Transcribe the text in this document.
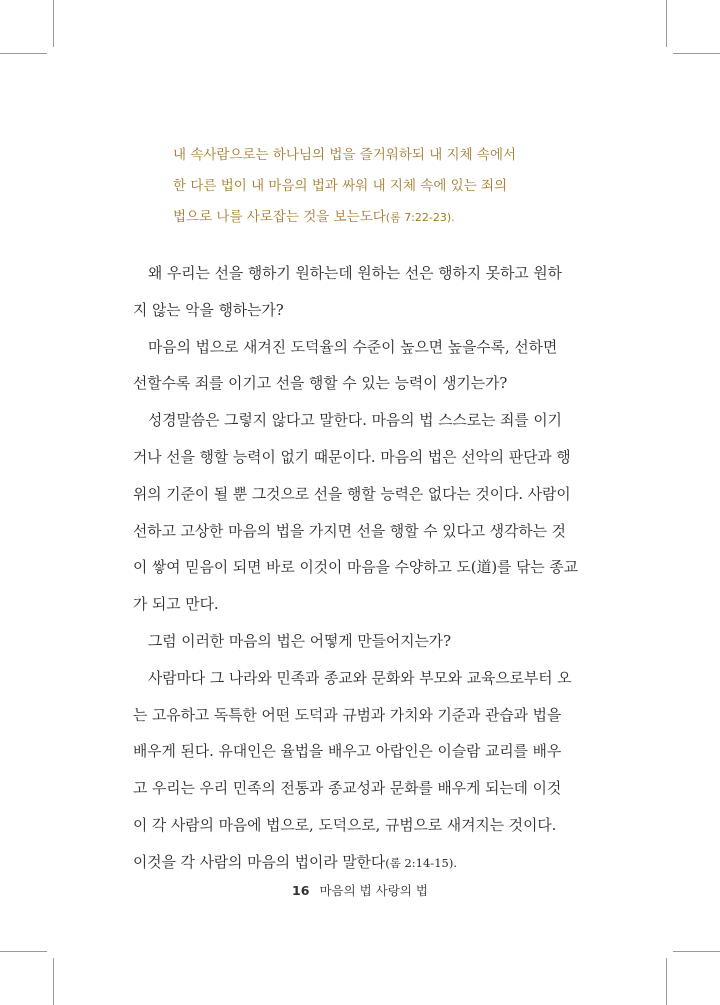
내 속사람으로는 하나님의 법을 즐거워하되 내 지체 속에서
한 다른 법이 내 마음의 법과 싸워 내 지체 속에 있는 죄의
법으로 나를 사로잡는 것을 보는도다(롬 7:22-23).
왜 우리는 선을 행하기 원하는데 원하는 선은 행하지 못하고 원하
지 않는 악을 행하는가?
마음의 법으로 새겨진 도덕율의 수준이 높으면 높을수록, 선하면
선할수록 죄를 이기고 선을 행할 수 있는 능력이 생기는가?
성경말씀은 그렇지 않다고 말한다. 마음의 법 스스로는 죄를 이기
거나 선을 행할 능력이 없기 때문이다. 마음의 법은 선악의 판단과 행
위의 기준이 될 뿐 그것으로 선을 행할 능력은 없다는 것이다. 사람이
선하고 고상한 마음의 법을 가지면 선을 행할 수 있다고 생각하는 것
이 쌓여 믿음이 되면 바로 이것이 마음을 수양하고 도(道)를 닦는 종교
가 되고 만다.
그럼 이러한 마음의 법은 어떻게 만들어지는가?
사람마다 그 나라와 민족과 종교와 문화와 부모와 교육으로부터 오
는 고유하고 독특한 어떤 도덕과 규범과 가치와 기준과 관습과 법을
배우게 된다. 유대인은 율법을 배우고 아랍인은 이슬람 교리를 배우
고 우리는 우리 민족의 전통과 종교성과 문화를 배우게 되는데 이것
이 각 사람의 마음에 법으로, 도덕으로, 규범으로 새겨지는 것이다.
이것을 각 사람의 마음의 법이라 말한다(롬 2:14-15).
16 마음의 법 사랑의 법
